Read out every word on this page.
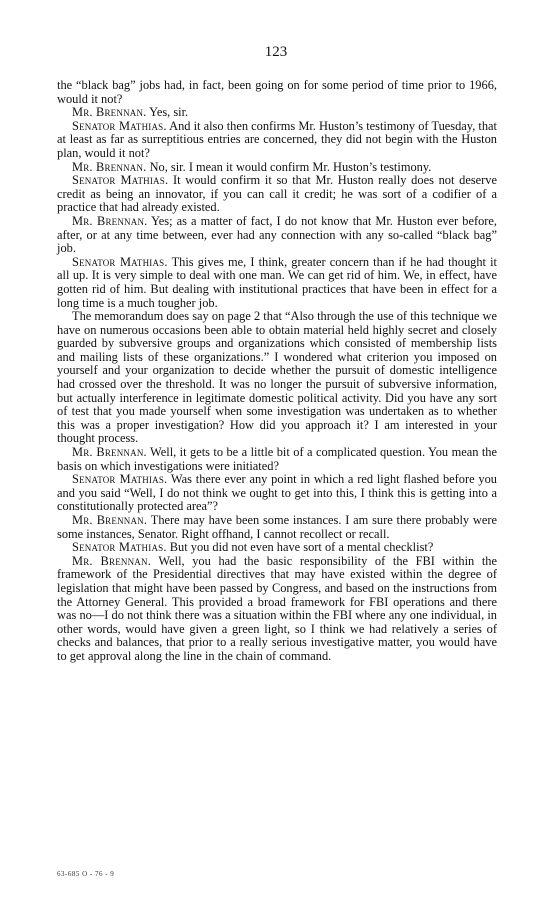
123

the “black bag” jobs had, in fact, been going on for some period of time prior to 1966, would it not?

Mr. Brennan. Yes, sir.

Senator Mathias. And it also then confirms Mr. Huston’s testimony of Tuesday, that at least as far as surreptitious entries are concerned, they did not begin with the Huston plan, would it not?

Mr. Brennan. No, sir. I mean it would confirm Mr. Huston’s testimony.

Senator Mathias. It would confirm it so that Mr. Huston really does not deserve credit as being an innovator, if you can call it credit; he was sort of a codifier of a practice that had already existed.

Mr. Brennan. Yes; as a matter of fact, I do not know that Mr. Huston ever before, after, or at any time between, ever had any connection with any so-called “black bag” job.

Senator Mathias. This gives me, I think, greater concern than if he had thought it all up. It is very simple to deal with one man. We can get rid of him. We, in effect, have gotten rid of him. But dealing with institutional practices that have been in effect for a long time is a much tougher job.

The memorandum does say on page 2 that “Also through the use of this technique we have on numerous occasions been able to obtain material held highly secret and closely guarded by subversive groups and organizations which consisted of membership lists and mailing lists of these organizations.” I wondered what criterion you imposed on yourself and your organization to decide whether the pursuit of domestic intelligence had crossed over the threshold. It was no longer the pursuit of subversive information, but actually interference in legitimate domestic political activity. Did you have any sort of test that you made yourself when some investigation was undertaken as to whether this was a proper investigation? How did you approach it? I am interested in your thought process.

Mr. Brennan. Well, it gets to be a little bit of a complicated question. You mean the basis on which investigations were initiated?

Senator Mathias. Was there ever any point in which a red light flashed before you and you said “Well, I do not think we ought to get into this, I think this is getting into a constitutionally protected area”?

Mr. Brennan. There may have been some instances. I am sure there probably were some instances, Senator. Right offhand, I cannot recollect or recall.

Senator Mathias. But you did not even have sort of a mental checklist?

Mr. Brennan. Well, you had the basic responsibility of the FBI within the framework of the Presidential directives that may have existed within the degree of legislation that might have been passed by Congress, and based on the instructions from the Attorney General. This provided a broad framework for FBI operations and there was no—I do not think there was a situation within the FBI where any one individual, in other words, would have given a green light, so I think we had relatively a series of checks and balances, that prior to a really serious investigative matter, you would have to get approval along the line in the chain of command.

63-685 O - 76 - 9
